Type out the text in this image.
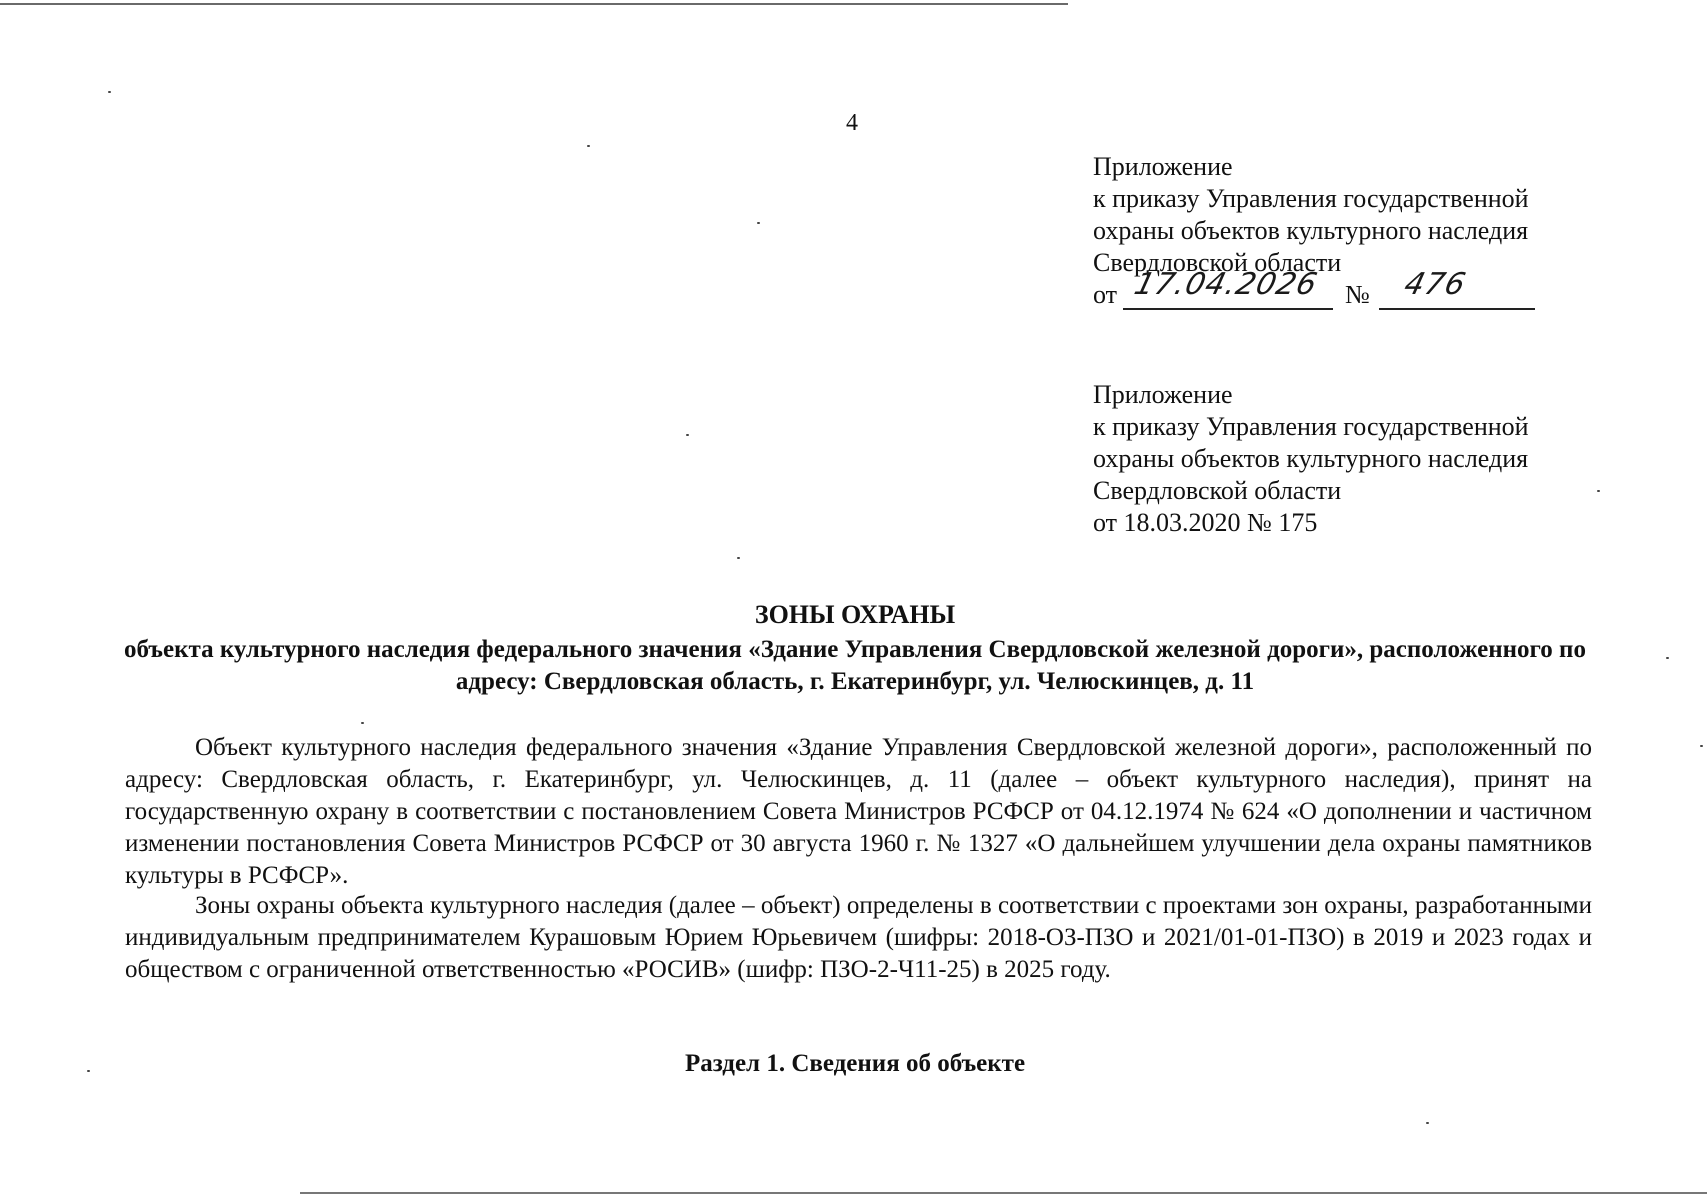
4
Приложение
к приказу Управления государственной
охраны объектов культурного наследия
Свердловской области
от 17.04.2026 № 476
Приложение
к приказу Управления государственной
охраны объектов культурного наследия
Свердловской области
от 18.03.2020 № 175
ЗОНЫ ОХРАНЫ
объекта культурного наследия федерального значения «Здание Управления Свердловской железной дороги», расположенного по адресу: Свердловская область, г. Екатеринбург, ул. Челюскинцев, д. 11

Объект культурного наследия федерального значения «Здание Управления Свердловской железной дороги», расположенный по адресу: Свердловская область, г. Екатеринбург, ул. Челюскинцев, д. 11 (далее – объект культурного наследия), принят на государственную охрану в соответствии с постановлением Совета Министров РСФСР от 04.12.1974 № 624 «О дополнении и частичном изменении постановления Совета Министров РСФСР от 30 августа 1960 г. № 1327 «О дальнейшем улучшении дела охраны памятников культуры в РСФСР».

Зоны охраны объекта культурного наследия (далее – объект) определены в соответствии с проектами зон охраны, разработанными индивидуальным предпринимателем Курашовым Юрием Юрьевичем (шифры: 2018-ОЗ-ПЗО и 2021/01-01-ПЗО) в 2019 и 2023 годах и обществом с ограниченной ответственностью «РОСИВ» (шифр: ПЗО-2-Ч11-25) в 2025 году.

Раздел 1. Сведения об объекте
